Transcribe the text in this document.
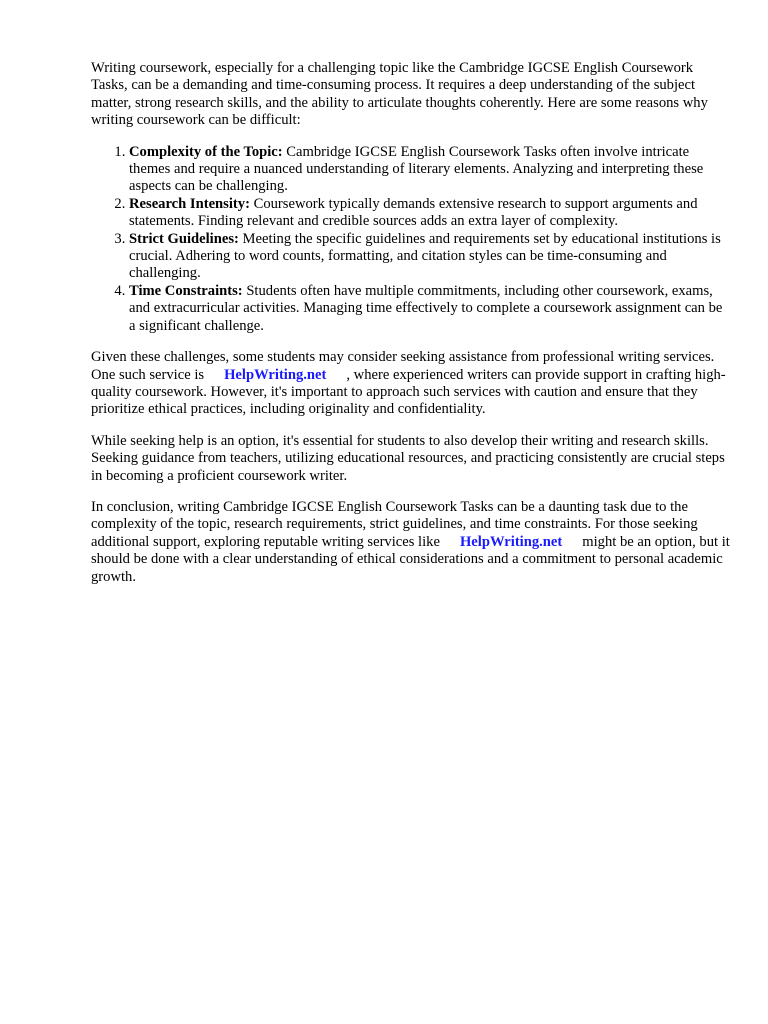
Writing coursework, especially for a challenging topic like the Cambridge IGCSE English Coursework Tasks, can be a demanding and time-consuming process. It requires a deep understanding of the subject matter, strong research skills, and the ability to articulate thoughts coherently. Here are some reasons why writing coursework can be difficult:

1. Complexity of the Topic: Cambridge IGCSE English Coursework Tasks often involve intricate themes and require a nuanced understanding of literary elements. Analyzing and interpreting these aspects can be challenging.
2. Research Intensity: Coursework typically demands extensive research to support arguments and statements. Finding relevant and credible sources adds an extra layer of complexity.
3. Strict Guidelines: Meeting the specific guidelines and requirements set by educational institutions is crucial. Adhering to word counts, formatting, and citation styles can be time-consuming and challenging.
4. Time Constraints: Students often have multiple commitments, including other coursework, exams, and extracurricular activities. Managing time effectively to complete a coursework assignment can be a significant challenge.

Given these challenges, some students may consider seeking assistance from professional writing services. One such service is HelpWriting.net , where experienced writers can provide support in crafting high-quality coursework. However, it's important to approach such services with caution and ensure that they prioritize ethical practices, including originality and confidentiality.

While seeking help is an option, it's essential for students to also develop their writing and research skills. Seeking guidance from teachers, utilizing educational resources, and practicing consistently are crucial steps in becoming a proficient coursework writer.

In conclusion, writing Cambridge IGCSE English Coursework Tasks can be a daunting task due to the complexity of the topic, research requirements, strict guidelines, and time constraints. For those seeking additional support, exploring reputable writing services like HelpWriting.net might be an option, but it should be done with a clear understanding of ethical considerations and a commitment to personal academic growth.
